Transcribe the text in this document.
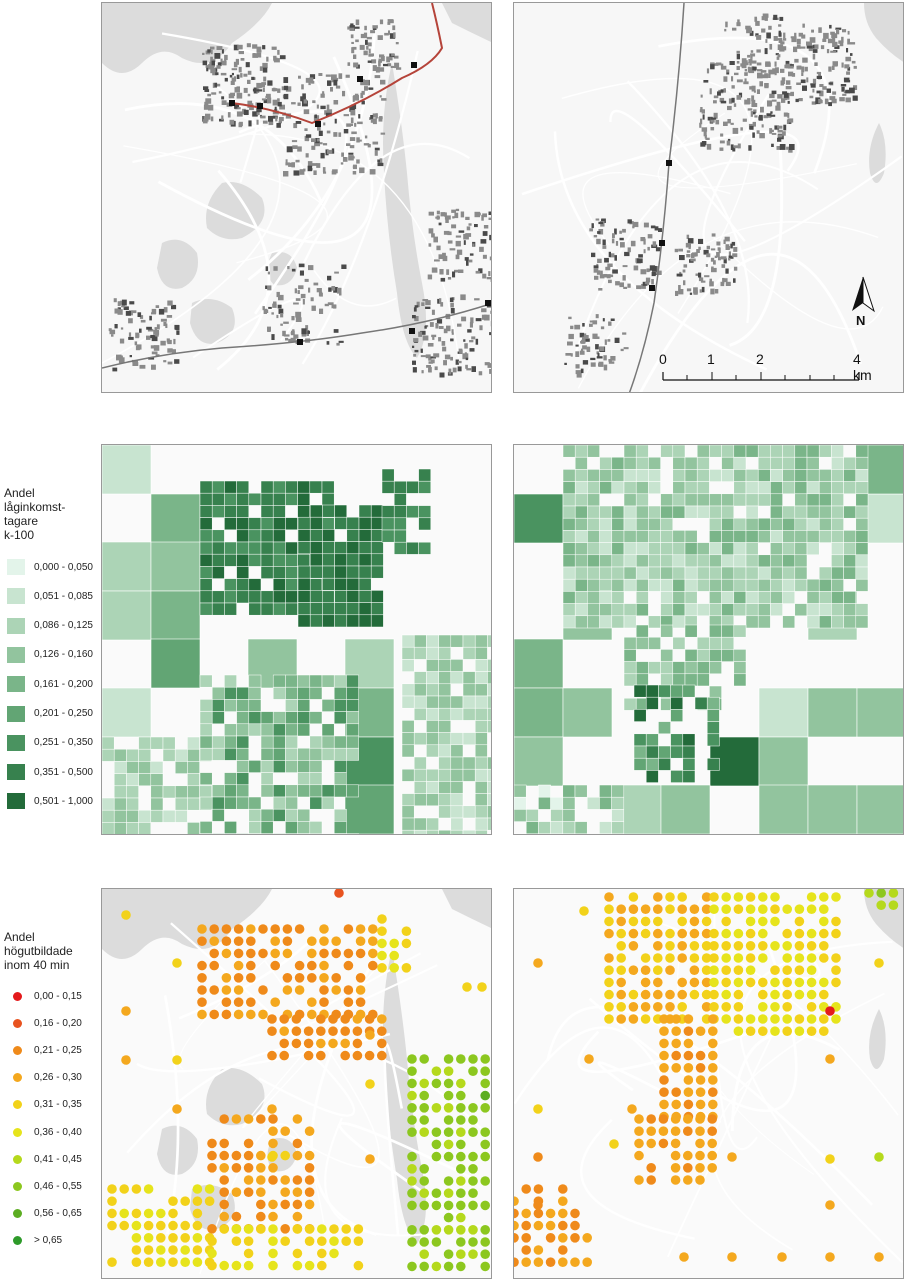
N
0	1	2	4 km
Andel
låginkomst-
tagare
k-100
0,000 - 0,050
0,051 - 0,085
0,086 - 0,125
0,126 - 0,160
0,161 - 0,200
0,201 - 0,250
0,251 - 0,350
0,351 - 0,500
0,501 - 1,000
Andel
högutbildade
inom 40 min
0,00 - 0,15
0,16 - 0,20
0,21 - 0,25
0,26 - 0,30
0,31 - 0,35
0,36 - 0,40
0,41 - 0,45
0,46 - 0,55
0,56 - 0,65
> 0,65
